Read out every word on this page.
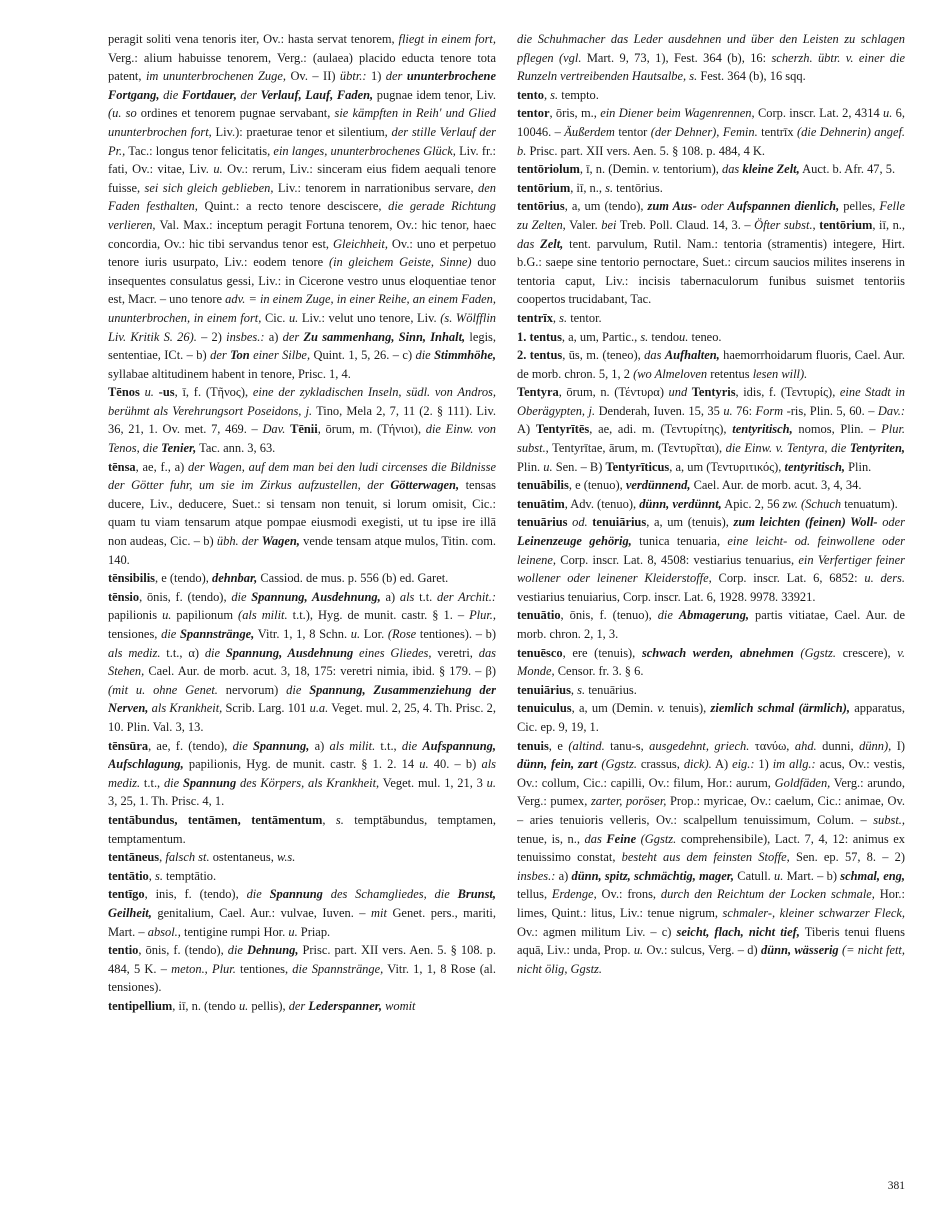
peragit soliti vena tenoris iter, Ov.: hasta servat tenorem, fliegt in einem fort, Verg.: alium habuisse tenorem, Verg.: (aulaea) placido educta tenore tota patent, im ununterbrochenen Zuge, Ov. – II) übtr.: 1) der ununterbrochene Fortgang, die Fortdauer, der Verlauf, Lauf, Faden, pugnae idem tenor, Liv. (u. so ordines et tenorem pugnae servabant, sie kämpften in Reih' und Glied ununterbrochen fort, Liv.): praeturae tenor et silentium, der stille Verlauf der Pr., Tac.: longus tenor felicitatis, ein langes, ununterbrochenes Glück, Liv. fr.: fati, Ov.: vitae, Liv. u. Ov.: rerum, Liv.: sinceram eius fidem aequali tenore fuisse, sei sich gleich geblieben, Liv.: tenorem in narrationibus servare, den Faden festhalten, Quint.: a recto tenore desciscere, die gerade Richtung verlieren, Val. Max.: inceptum peragit Fortuna tenorem, Ov.: hic tenor, haec concordia, Ov.: hic tibi servandus tenor est, Gleichheit, Ov.: uno et perpetuo tenore iuris usurpato, Liv.: eodem tenore (in gleichem Geiste, Sinne) duo insequentes consulatus gessi, Liv.: in Cicerone vestro unus eloquentiae tenor est, Macr. – uno tenore adv. = in einem Zuge, in einer Reihe, an einem Faden, ununterbrochen, in einem fort, Cic. u. Liv.: velut uno tenore, Liv. (s. Wölfflin Liv. Kritik S. 26). – 2) insbes.: a) der Zu sammenhang, Sinn, Inhalt, legis, sententiae, ICt. – b) der Ton einer Silbe, Quint. 1, 5, 26. – c) die Stimmhöhe, syllabae altitudinem habent in tenore, Prisc. 1, 4.

Tēnos u. -us, ī, f. (Τῆνος), eine der zykladischen Inseln, südl. von Andros, berühmt als Verehrungsort Poseidons, j. Tino, Mela 2, 7, 11 (2. § 111). Liv. 36, 21, 1. Ov. met. 7, 469. – Dav. Tēnii, ōrum, m. (Τήνιοι), die Einw. von Tenos, die Tenier, Tac. ann. 3, 63.

tēnsa, ae, f., a) der Wagen, auf dem man bei den ludi circenses die Bildnisse der Götter fuhr, um sie im Zirkus aufzustellen, der Götterwagen, tensas ducere, Liv., deducere, Suet.: si tensam non tenuit, si lorum omisit, Cic.: quam tu viam tensarum atque pompae eiusmodi exegisti, ut tu ipse ire illā non audeas, Cic. – b) übh. der Wagen, vende tensam atque mulos, Titin. com. 140.

tēnsibilis, e (tendo), dehnbar, Cassiod. de mus. p. 556 (b) ed. Garet.

tēnsio, ōnis, f. (tendo), die Spannung, Ausdehnung, a) als t.t. der Archit.: papilionis u. papilionum (als milit. t.t.), Hyg. de munit. castr. § 1. – Plur., tensiones, die Spannstränge, Vitr. 1, 1, 8 Schn. u. Lor. (Rose tentiones). – b) als mediz. t.t., α) die Spannung, Ausdehnung eines Gliedes, veretri, das Stehen, Cael. Aur. de morb. acut. 3, 18, 175: veretri nimia, ibid. § 179. – β) (mit u. ohne Genet. nervorum) die Spannung, Zusammenziehung der Nerven, als Krankheit, Scrib. Larg. 101 u.a. Veget. mul. 2, 25, 4. Th. Prisc. 2, 10. Plin. Val. 3, 13.

tēnsūra, ae, f. (tendo), die Spannung, a) als milit. t.t., die Aufspannung, Aufschlagung, papilionis, Hyg. de munit. castr. § 1. 2. 14 u. 40. – b) als mediz. t.t., die Spannung des Körpers, als Krankheit, Veget. mul. 1, 21, 3 u. 3, 25, 1. Th. Prisc. 4, 1.

tentābundus, tentāmen, tentāmentum, s. temptābundus, temptamen, temptamentum.

tentāneus, falsch st. ostentaneus, w.s.

tentātio, s. temptātio.

tentīgo, inis, f. (tendo), die Spannung des Schamgliedes, die Brunst, Geilheit, genitalium, Cael. Aur.: vulvae, Iuven. – mit Genet. pers., mariti, Mart. – absol., tentigine rumpi Hor. u. Priap.

tentio, ōnis, f. (tendo), die Dehnung, Prisc. part. XII vers. Aen. 5. § 108. p. 484, 5 K. – meton., Plur. tentiones, die Spannstränge, Vitr. 1, 1, 8 Rose (al. tensiones).

tentipellium, iī, n. (tendo u. pellis), der Lederspanner, womit

die Schuhmacher das Leder ausdehnen und über den Leisten zu schlagen pflegen (vgl. Mart. 9, 73, 1), Fest. 364 (b), 16: scherzh. übtr. v. einer die Runzeln vertreibenden Hautsalbe, s. Fest. 364 (b), 16 sqq.

tento, s. tempto.

tentor, ōris, m., ein Diener beim Wagenrennen, Corp. inscr. Lat. 2, 4314 u. 6, 10046. – Äußerdem tentor (der Dehner), Femin. tentrīx (die Dehnerin) angef. b. Prisc. part. XII vers. Aen. 5. § 108. p. 484, 4 K.

tentōriolum, ī, n. (Demin. v. tentorium), das kleine Zelt, Auct. b. Afr. 47, 5.

tentōrium, iī, n., s. tentōrius.

tentōrius, a, um (tendo), zum Aus- oder Aufspannen dienlich, pelles, Felle zu Zelten, Valer. bei Treb. Poll. Claud. 14, 3. – Öfter subst., tentōrium, iī, n., das Zelt, tent. parvulum, Rutil. Nam.: tentoria (stramentis) integere, Hirt. b.G.: saepe sine tentorio pernoctare, Suet.: circum saucios milites inserens in tentoria caput, Liv.: incisis tabernaculorum funibus suismet tentoriis coopertos trucidabant, Tac.

tentrīx, s. tentor.

1. tentus, a, um, Partic., s. tendou. teneo.

2. tentus, ūs, m. (teneo), das Aufhalten, haemorrhoidarum fluoris, Cael. Aur. de morb. chron. 5, 1, 2 (wo Almeloven retentus lesen will).

Tentyra, ōrum, n. (Τέντυρα) und Tentyris, idis, f. (Τεντυρίς), eine Stadt in Oberägypten, j. Denderah, Iuven. 15, 35 u. 76: Form -ris, Plin. 5, 60. – Dav.: A) Tentyrītēs, ae, adi. m. (Τεντυρίτης), tentyritisch, nomos, Plin. – Plur. subst., Tentyrītae, ārum, m. (Τεντυρῖται), die Einw. v. Tentyra, die Tentyriten, Plin. u. Sen. – B) Tentyrīticus, a, um (Τεντυριτικός), tentyritisch, Plin.

tenuābilis, e (tenuo), verdünnend, Cael. Aur. de morb. acut. 3, 4, 34.

tenuātim, Adv. (tenuo), dünn, verdünnt, Apic. 2, 56 zw. (Schuch tenuatum).

tenuārius od. tenuiārius, a, um (tenuis), zum leichten (feinen) Woll- oder Leinenzeuge gehörig, tunica tenuaria, eine leicht- od. feinwollene oder leinene, Corp. inscr. Lat. 8, 4508: vestiarius tenuarius, ein Verfertiger feiner wollener oder leinener Kleiderstoffe, Corp. inscr. Lat. 6, 6852: u. ders. vestiarius tenuiarius, Corp. inscr. Lat. 6, 1928. 9978. 33921.

tenuātio, ōnis, f. (tenuo), die Abmagerung, partis vitiatae, Cael. Aur. de morb. chron. 2, 1, 3.

tenuēsco, ere (tenuis), schwach werden, abnehmen (Ggstz. crescere), v. Monde, Censor. fr. 3. § 6.

tenuiārius, s. tenuārius.

tenuiculus, a, um (Demin. v. tenuis), ziemlich schmal (ärmlich), apparatus, Cic. ep. 9, 19, 1.

tenuis, e (altind. tanu-s, ausgedehnt, griech. τανύω, ahd. dunni, dünn), I) dünn, fein, zart (Ggstz. crassus, dick). A) eig.: 1) im allg.: acus, Ov.: vestis, Ov.: collum, Cic.: capilli, Ov.: filum, Hor.: aurum, Goldfäden, Verg.: arundo, Verg.: pumex, zarter, poröser, Prop.: myricae, Ov.: caelum, Cic.: animae, Ov. – aries tenuioris velleris, Ov.: scalpellum tenuissimum, Colum. – subst., tenue, is, n., das Feine (Ggstz. comprehensibile), Lact. 7, 4, 12: animus ex tenuissimo constat, besteht aus dem feinsten Stoffe, Sen. ep. 57, 8. – 2) insbes.: a) dünn, spitz, schmächtig, mager, Catull. u. Mart. – b) schmal, eng, tellus, Erdenge, Ov.: frons, durch den Reichtum der Locken schmale, Hor.: limes, Quint.: litus, Liv.: tenue nigrum, schmaler-, kleiner schwarzer Fleck, Ov.: agmen militum Liv. – c) seicht, flach, nicht tief, Tiberis tenui fluens aquā, Liv.: unda, Prop. u. Ov.: sulcus, Verg. – d) dünn, wässerig (= nicht fett, nicht ölig, Ggstz.

381
